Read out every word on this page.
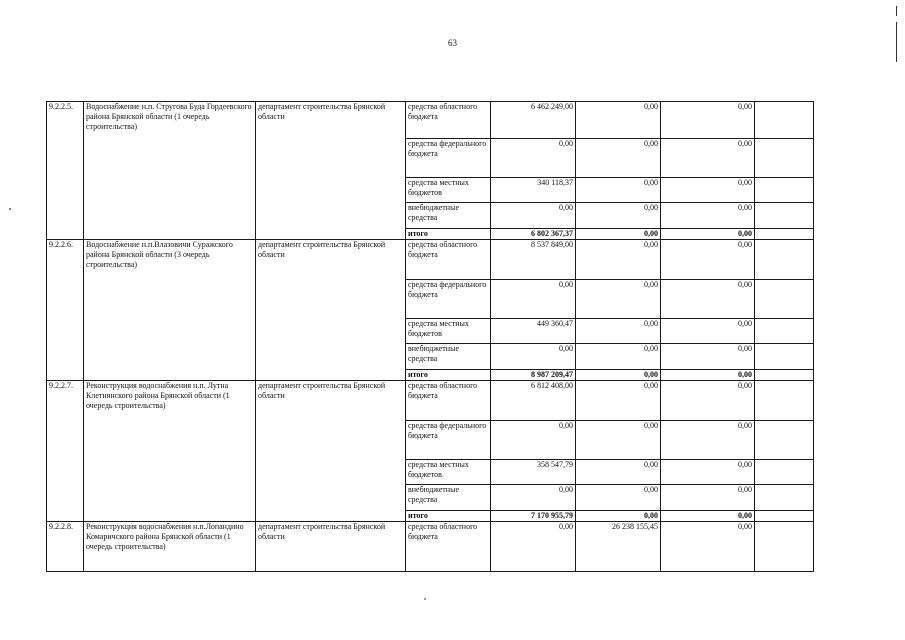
63
9.2.2.5.	Водоснабжение н.п. Стругова Буда Гордеевского района Брянской области (1 очередь строительства)	департамент строительства Брянской области	средства областного бюджета	6 462 249,00	0,00	0,00	
			средства федерального бюджета	0,00	0,00	0,00	
			средства местных бюджетов	340 118,37	0,00	0,00	
			внебюджетные средства	0,00	0,00	0,00	
			итого	6 802 367,37	0,00	0,00	
9.2.2.6.	Водоснабжение н.п.Влазовичи Суражского района Брянской области (3 очередь строительства)	департамент строительства Брянской области	средства областного бюджета	8 537 849,00	0,00	0,00	
			средства федерального бюджета	0,00	0,00	0,00	
			средства местных бюджетов	449 360,47	0,00	0,00	
			внебюджетные средства	0,00	0,00	0,00	
			итого	8 987 209,47	0,00	0,00	
9.2.2.7.	Реконструкция водоснабжения н.п. Лутна Клетнянского района Брянской области (1 очередь строительства)	департамент строительства Брянской области	средства областного бюджета	6 812 408,00	0,00	0,00	
			средства федерального бюджета	0,00	0,00	0,00	
			средства местных бюджетов	358 547,79	0,00	0,00	
			внебюджетные средства	0,00	0,00	0,00	
			итого	7 170 955,79	0,00	0,00	
9.2.2.8.	Реконструкция водоснабжения н.п.Лопандино Комаричского района Брянской области (1 очередь строительства)	департамент строительства Брянской области	средства областного бюджета	0,00	26 238 155,45	0,00	
